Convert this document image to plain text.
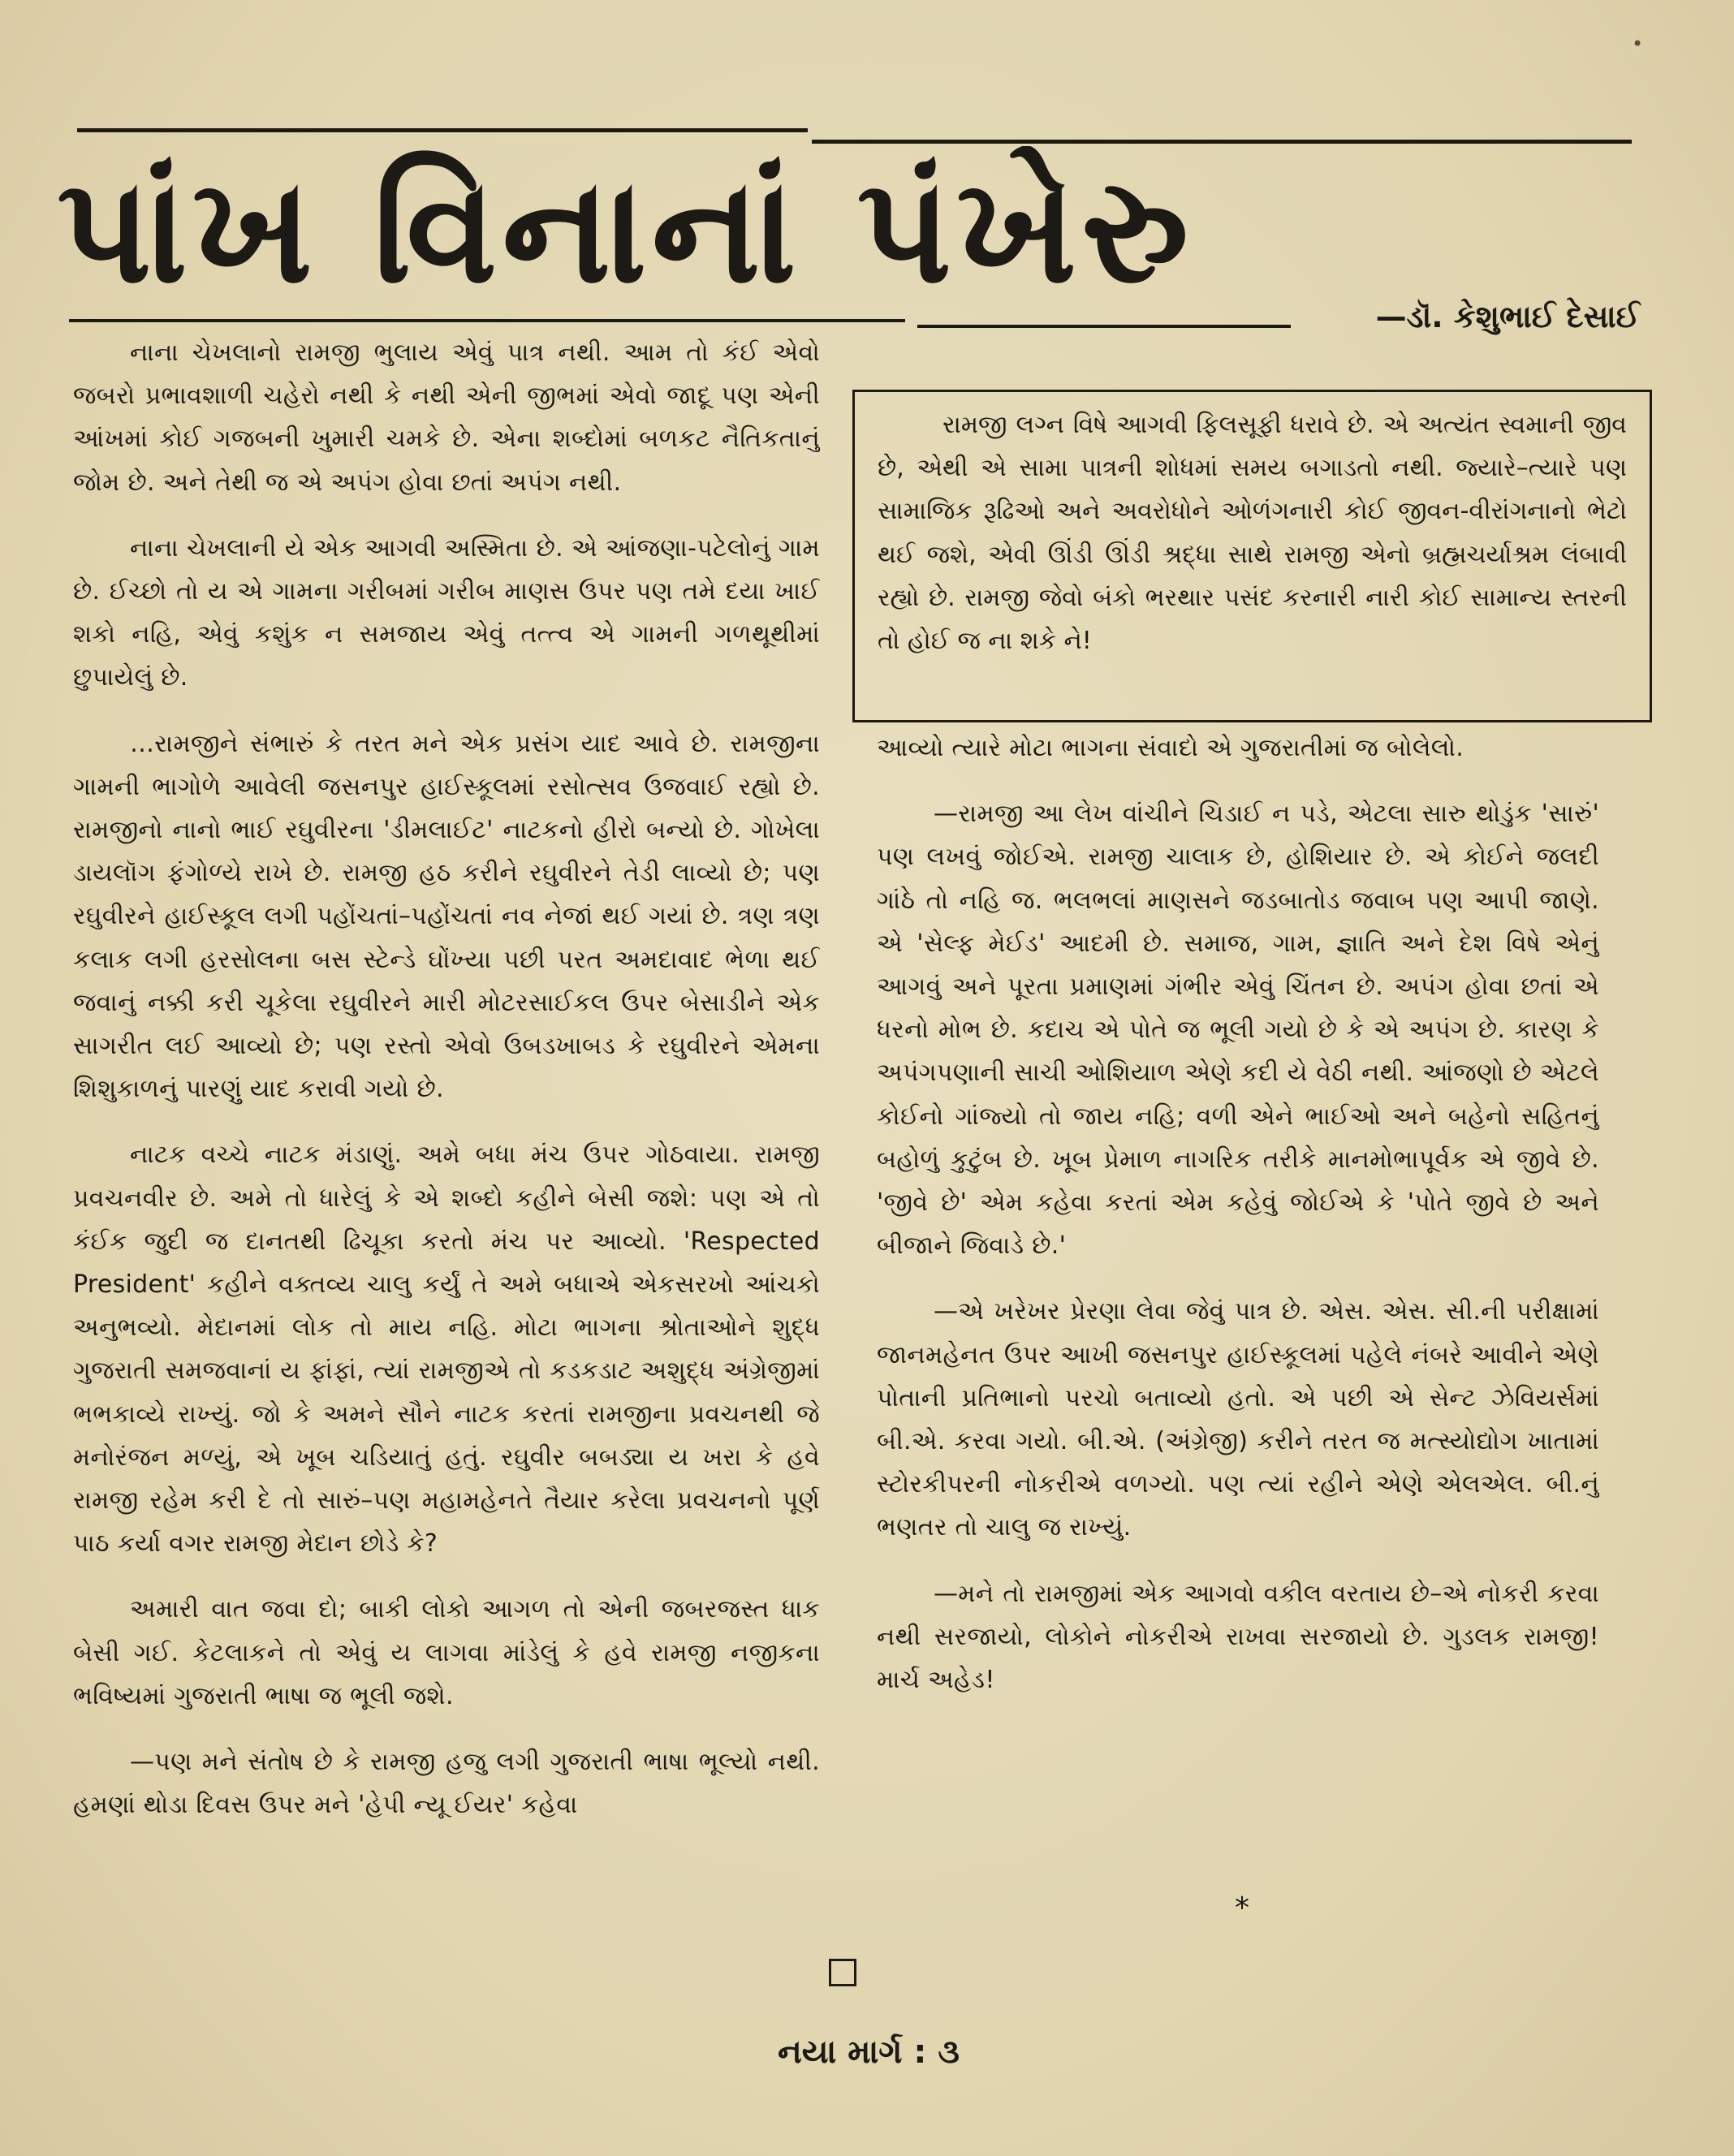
•
પાંખ વિનાનાં પંખેરુ
—ડૉ. કેશુભાઈ દેસાઈ

નાના ચેખલાનો રામજી ભુલાય એવું પાત્ર નથી. આમ તો કંઈ એવો જબરો પ્રભાવશાળી ચહેરો નથી કે નથી એની જીભમાં એવો જાદૂ પણ એની આંખમાં કોઈ ગજબની ખુમારી ચમકે છે. એના શબ્દોમાં બળકટ નૈતિકતાનું જોમ છે. અને તેથી જ એ અપંગ હોવા છતાં અપંગ નથી.

નાના ચેખલાની યે એક આગવી અસ્મિતા છે. એ આંજણા-પટેલોનું ગામ છે. ઈચ્છો તો ય એ ગામના ગરીબમાં ગરીબ માણસ ઉપર પણ તમે દયા ખાઈ શકો નહિ, એવું કશુંક ન સમજાય એવું તત્ત્વ એ ગામની ગળથૂથીમાં છુપાયેલું છે.

…રામજીને સંભારું કે તરત મને એક પ્રસંગ યાદ આવે છે. રામજીના ગામની ભાગોળે આવેલી જસનપુર હાઈસ્કૂલમાં રસોત્સવ ઉજવાઈ રહ્યો છે. રામજીનો નાનો ભાઈ રઘુવીરના 'ડીમલાઈટ' નાટકનો હીરો બન્યો છે. ગોખેલા ડાયલૉગ ફંગોળ્યે રાખે છે. રામજી હઠ કરીને રઘુવીરને તેડી લાવ્યો છે; પણ રઘુવીરને હાઈસ્કૂલ લગી પહોંચતાં–પહોંચતાં નવ નેજાં થઈ ગયાં છે. ત્રણ ત્રણ કલાક લગી હરસોલના બસ સ્ટેન્ડે ઘોંખ્યા પછી પરત અમદાવાદ ભેળા થઈ જવાનું નક્કી કરી ચૂકેલા રઘુવીરને મારી મોટરસાઈકલ ઉપર બેસાડીને એક સાગરીત લઈ આવ્યો છે; પણ રસ્તો એવો ઉબડખાબડ કે રઘુવીરને એમના શિશુકાળનું પારણું યાદ કરાવી ગયો છે.

નાટક વચ્ચે નાટક મંડાણું. અમે બધા મંચ ઉપર ગોઠવાયા. રામજી પ્રવચનવીર છે. અમે તો ધારેલું કે એ શબ્દો કહીને બેસી જશે: પણ એ તો કંઈક જુદી જ દાનતથી ઢિચૂકા કરતો મંચ પર આવ્યો. 'Respected President' કહીને વક્તવ્ય ચાલુ કર્યું તે અમે બધાએ એકસરખો આંચકો અનુભવ્યો. મેદાનમાં લોક તો માય નહિ. મોટા ભાગના શ્રોતાઓને શુદ્ધ ગુજરાતી સમજવાનાં ય ફાંફાં, ત્યાં રામજીએ તો કડકડાટ અશુદ્ધ અંગ્રેજીમાં ભભકાવ્યે રાખ્યું. જો કે અમને સૌને નાટક કરતાં રામજીના પ્રવચનથી જે મનોરંજન મળ્યું, એ ખૂબ ચડિયાતું હતું. રઘુવીર બબડ્યા ય ખરા કે હવે રામજી રહેમ કરી દે તો સારું–પણ મહામહેનતે તૈયાર કરેલા પ્રવચનનો પૂર્ણ પાઠ કર્યા વગર રામજી મેદાન છોડે કે?

અમારી વાત જવા દો; બાકી લોકો આગળ તો એની જબરજસ્ત ધાક બેસી ગઈ. કેટલાકને તો એવું ય લાગવા માંડેલું કે હવે રામજી નજીકના ભવિષ્યમાં ગુજરાતી ભાષા જ ભૂલી જશે.

—પણ મને સંતોષ છે કે રામજી હજુ લગી ગુજરાતી ભાષા ભૂલ્યો નથી. હમણાં થોડા દિવસ ઉપર મને 'હેપી ન્યૂ ઈયર' કહેવા

રામજી લગ્ન વિષે આગવી ફિલસૂફી ધરાવે છે. એ અત્યંત સ્વમાની જીવ છે, એથી એ સામા પાત્રની શોધમાં સમય બગાડતો નથી. જ્યારે–ત્યારે પણ સામાજિક રૂઢિઓ અને અવરોધોને ઓળંગનારી કોઈ જીવન-વીરાંગનાનો ભેટો થઈ જશે, એવી ઊંડી ઊંડી શ્રદ્ધા સાથે રામજી એનો બ્રહ્મચર્યાશ્રમ લંબાવી રહ્યો છે. રામજી જેવો બંકો ભરથાર પસંદ કરનારી નારી કોઈ સામાન્ય સ્તરની તો હોઈ જ ના શકે ને!

આવ્યો ત્યારે મોટા ભાગના સંવાદો એ ગુજરાતીમાં જ બોલેલો.

—રામજી આ લેખ વાંચીને ચિડાઈ ન પડે, એટલા સારુ થોડુંક 'સારું' પણ લખવું જોઈએ. રામજી ચાલાક છે, હોશિયાર છે. એ કોઈને જલદી ગાંઠે તો નહિ જ. ભલભલાં માણસને જડબાતોડ જવાબ પણ આપી જાણે. એ 'સેલ્ફ મેઈડ' આદમી છે. સમાજ, ગામ, જ્ઞાતિ અને દેશ વિષે એનું આગવું અને પૂરતા પ્રમાણમાં ગંભીર એવું ચિંતન છે. અપંગ હોવા છતાં એ ધરનો મોભ છે. કદાચ એ પોતે જ ભૂલી ગયો છે કે એ અપંગ છે. કારણ કે અપંગપણાની સાચી ઓશિયાળ એણે કદી યે વેઠી નથી. આંજણો છે એટલે કોઈનો ગાંજ્યો તો જાય નહિ; વળી એને ભાઈઓ અને બહેનો સહિતનું બહોળું કુટુંબ છે. ખૂબ પ્રેમાળ નાગરિક તરીકે માનમોભાપૂર્વક એ જીવે છે. 'જીવે છે' એમ કહેવા કરતાં એમ કહેવું જોઈએ કે 'પોતે જીવે છે અને બીજાને જિવાડે છે.'

—એ ખરેખર પ્રેરણા લેવા જેવું પાત્ર છે. એસ. એસ. સી.ની પરીક્ષામાં જાનમહેનત ઉપર આખી જસનપુર હાઈસ્કૂલમાં પહેલે નંબરે આવીને એણે પોતાની પ્રતિભાનો પરચો બતાવ્યો હતો. એ પછી એ સેન્ટ ઝેવિયર્સમાં બી.એ. કરવા ગયો. બી.એ. (અંગ્રેજી) કરીને તરત જ મત્સ્યોદ્યોગ ખાતામાં સ્ટોરકીપરની નોકરીએ વળગ્યો. પણ ત્યાં રહીને એણે એલએલ. બી.નું ભણતર તો ચાલુ જ રાખ્યું.

—મને તો રામજીમાં એક આગવો વકીલ વરતાય છે–એ નોકરી કરવા નથી સરજાયો, લોકોને નોકરીએ રાખવા સરજાયો છે. ગુડલક રામજી! માર્ચ અહેડ!

*
નયા માર્ગ : ૩
